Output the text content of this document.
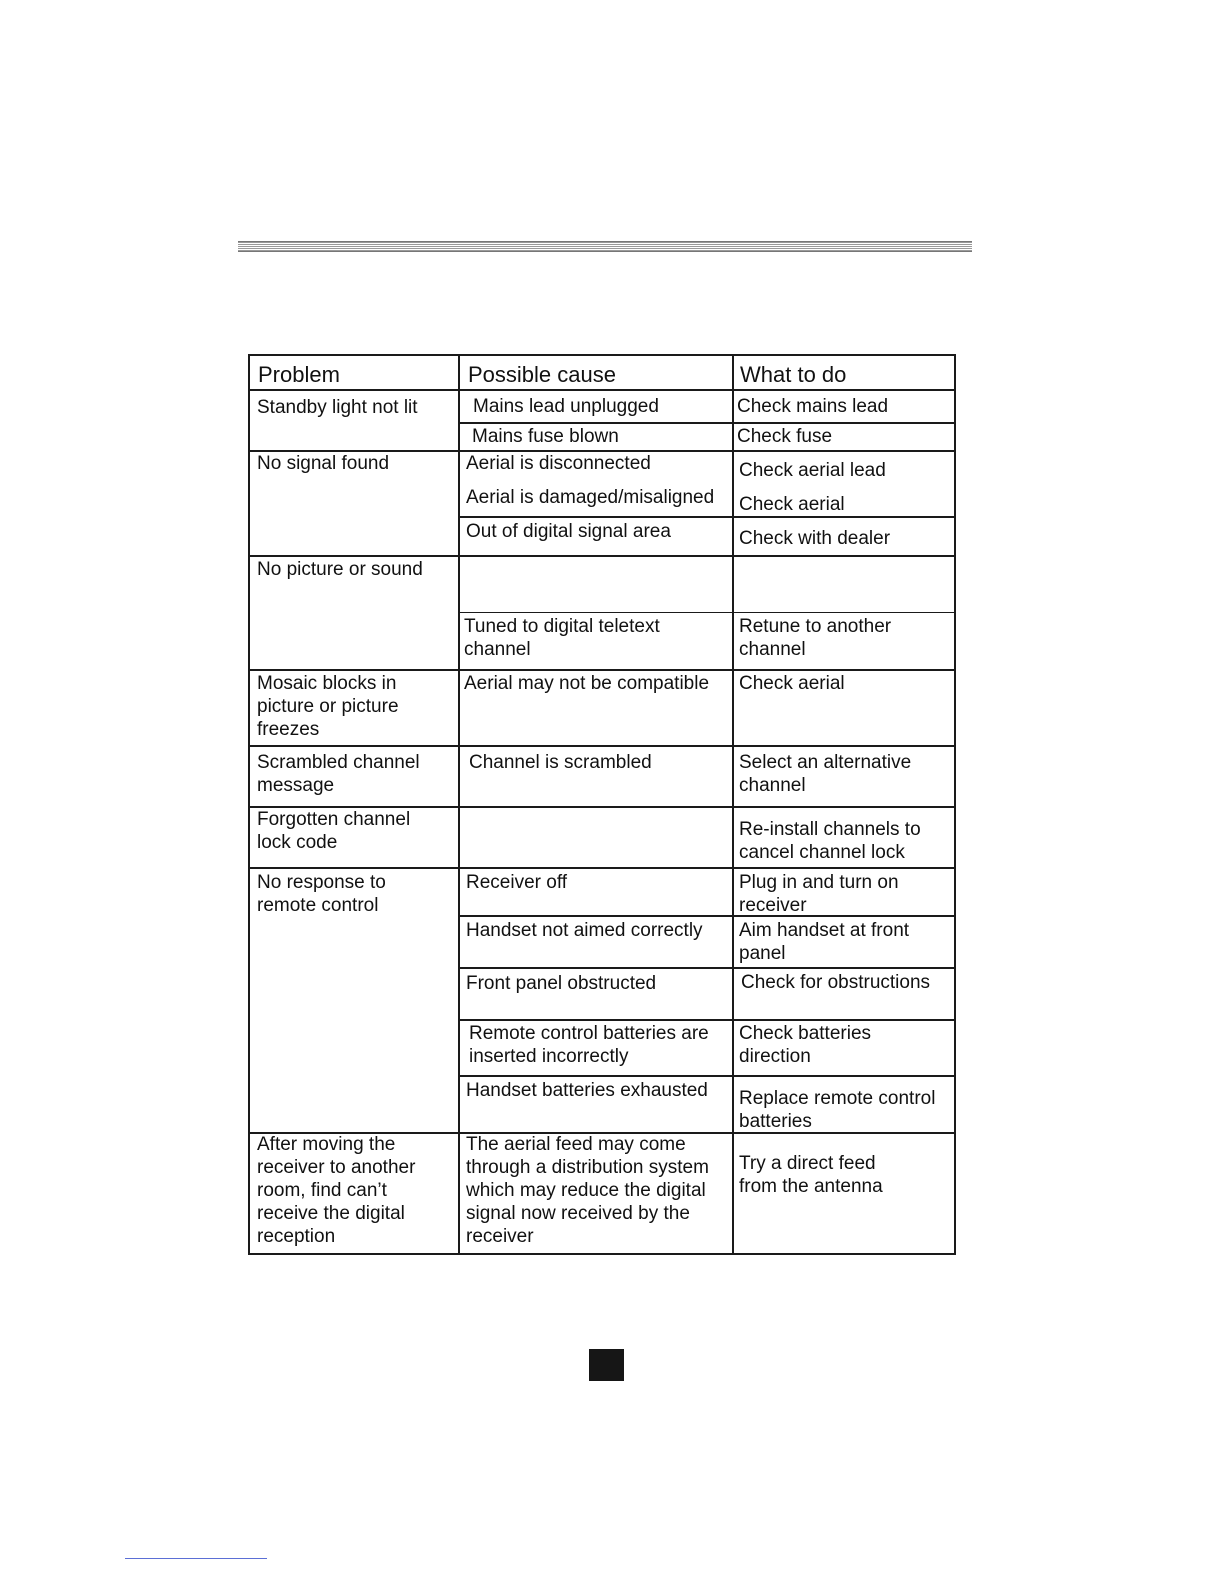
Problem	Possible cause	What to do
Standby light not lit
No signal found
No picture or sound
Mosaic blocks in
picture or picture
freezes
Scrambled channel
message
Forgotten channel
lock code
No response to
remote control
After moving the
receiver to another
room, find can’t
receive the digital
reception
Mains lead unplugged
Mains fuse blown
Aerial is disconnected
Aerial is damaged/misaligned
Out of digital signal area
Tuned to digital teletext
channel
Aerial may not be compatible
Channel is scrambled
Receiver off
Handset not aimed correctly
Front panel obstructed
Remote control batteries are
inserted incorrectly
Handset batteries exhausted
The aerial feed may come
through a distribution system
which may reduce the digital
signal now received by the
receiver
Check mains lead
Check fuse
Check aerial lead
Check aerial
Check with dealer
Retune to another
channel
Check aerial
Select an alternative
channel
Re-install channels to
cancel channel lock
Plug in and turn on
receiver
Aim handset at front
panel
Check for obstructions
Check batteries
direction
Replace remote control
batteries
Try a direct feed
from the antenna
